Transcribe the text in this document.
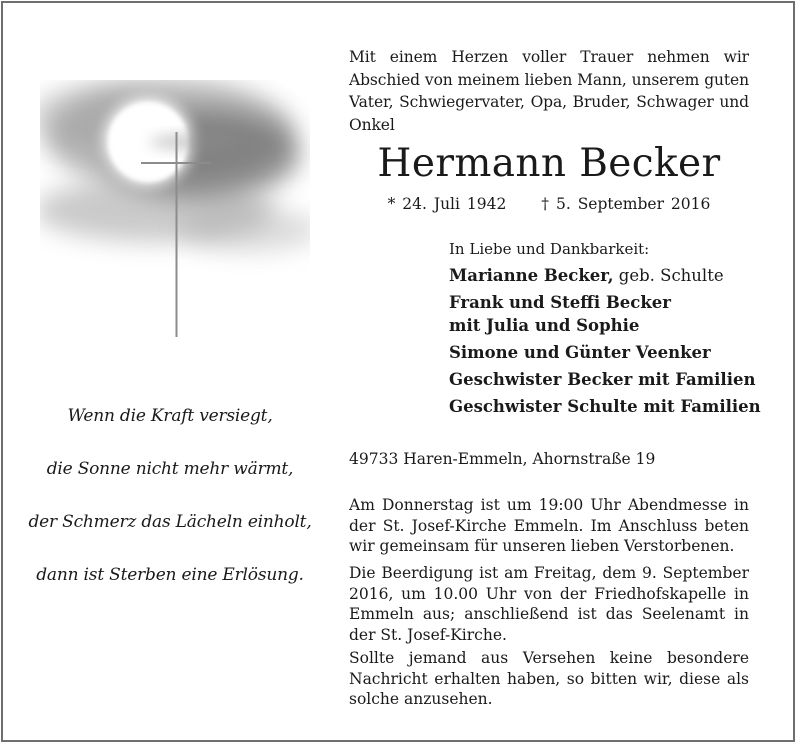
Wenn die Kraft versiegt,
die Sonne nicht mehr wärmt,
der Schmerz das Lächeln einholt,
dann ist Sterben eine Erlösung.
Mit einem Herzen voller Trauer nehmen wir Abschied von meinem lieben Mann, unserem guten Vater, Schwiegervater, Opa, Bruder, Schwager und Onkel
Hermann Becker
* 24. Juli 1942 † 5. September 2016
In Liebe und Dankbarkeit:
Marianne Becker, geb. Schulte
Frank und Steffi Becker
mit Julia und Sophie
Simone und Günter Veenker
Geschwister Becker mit Familien
Geschwister Schulte mit Familien
49733 Haren-Emmeln, Ahornstraße 19
Am Donnerstag ist um 19:00 Uhr Abendmesse in der St. Josef-Kirche Emmeln. Im Anschluss beten wir gemeinsam für unseren lieben Verstorbenen.
Die Beerdigung ist am Freitag, dem 9. September 2016, um 10.00 Uhr von der Friedhofskapelle in Emmeln aus; anschließend ist das Seelenamt in der St. Josef-Kirche.
Sollte jemand aus Versehen keine besondere Nachricht erhalten haben, so bitten wir, diese als solche anzusehen.
